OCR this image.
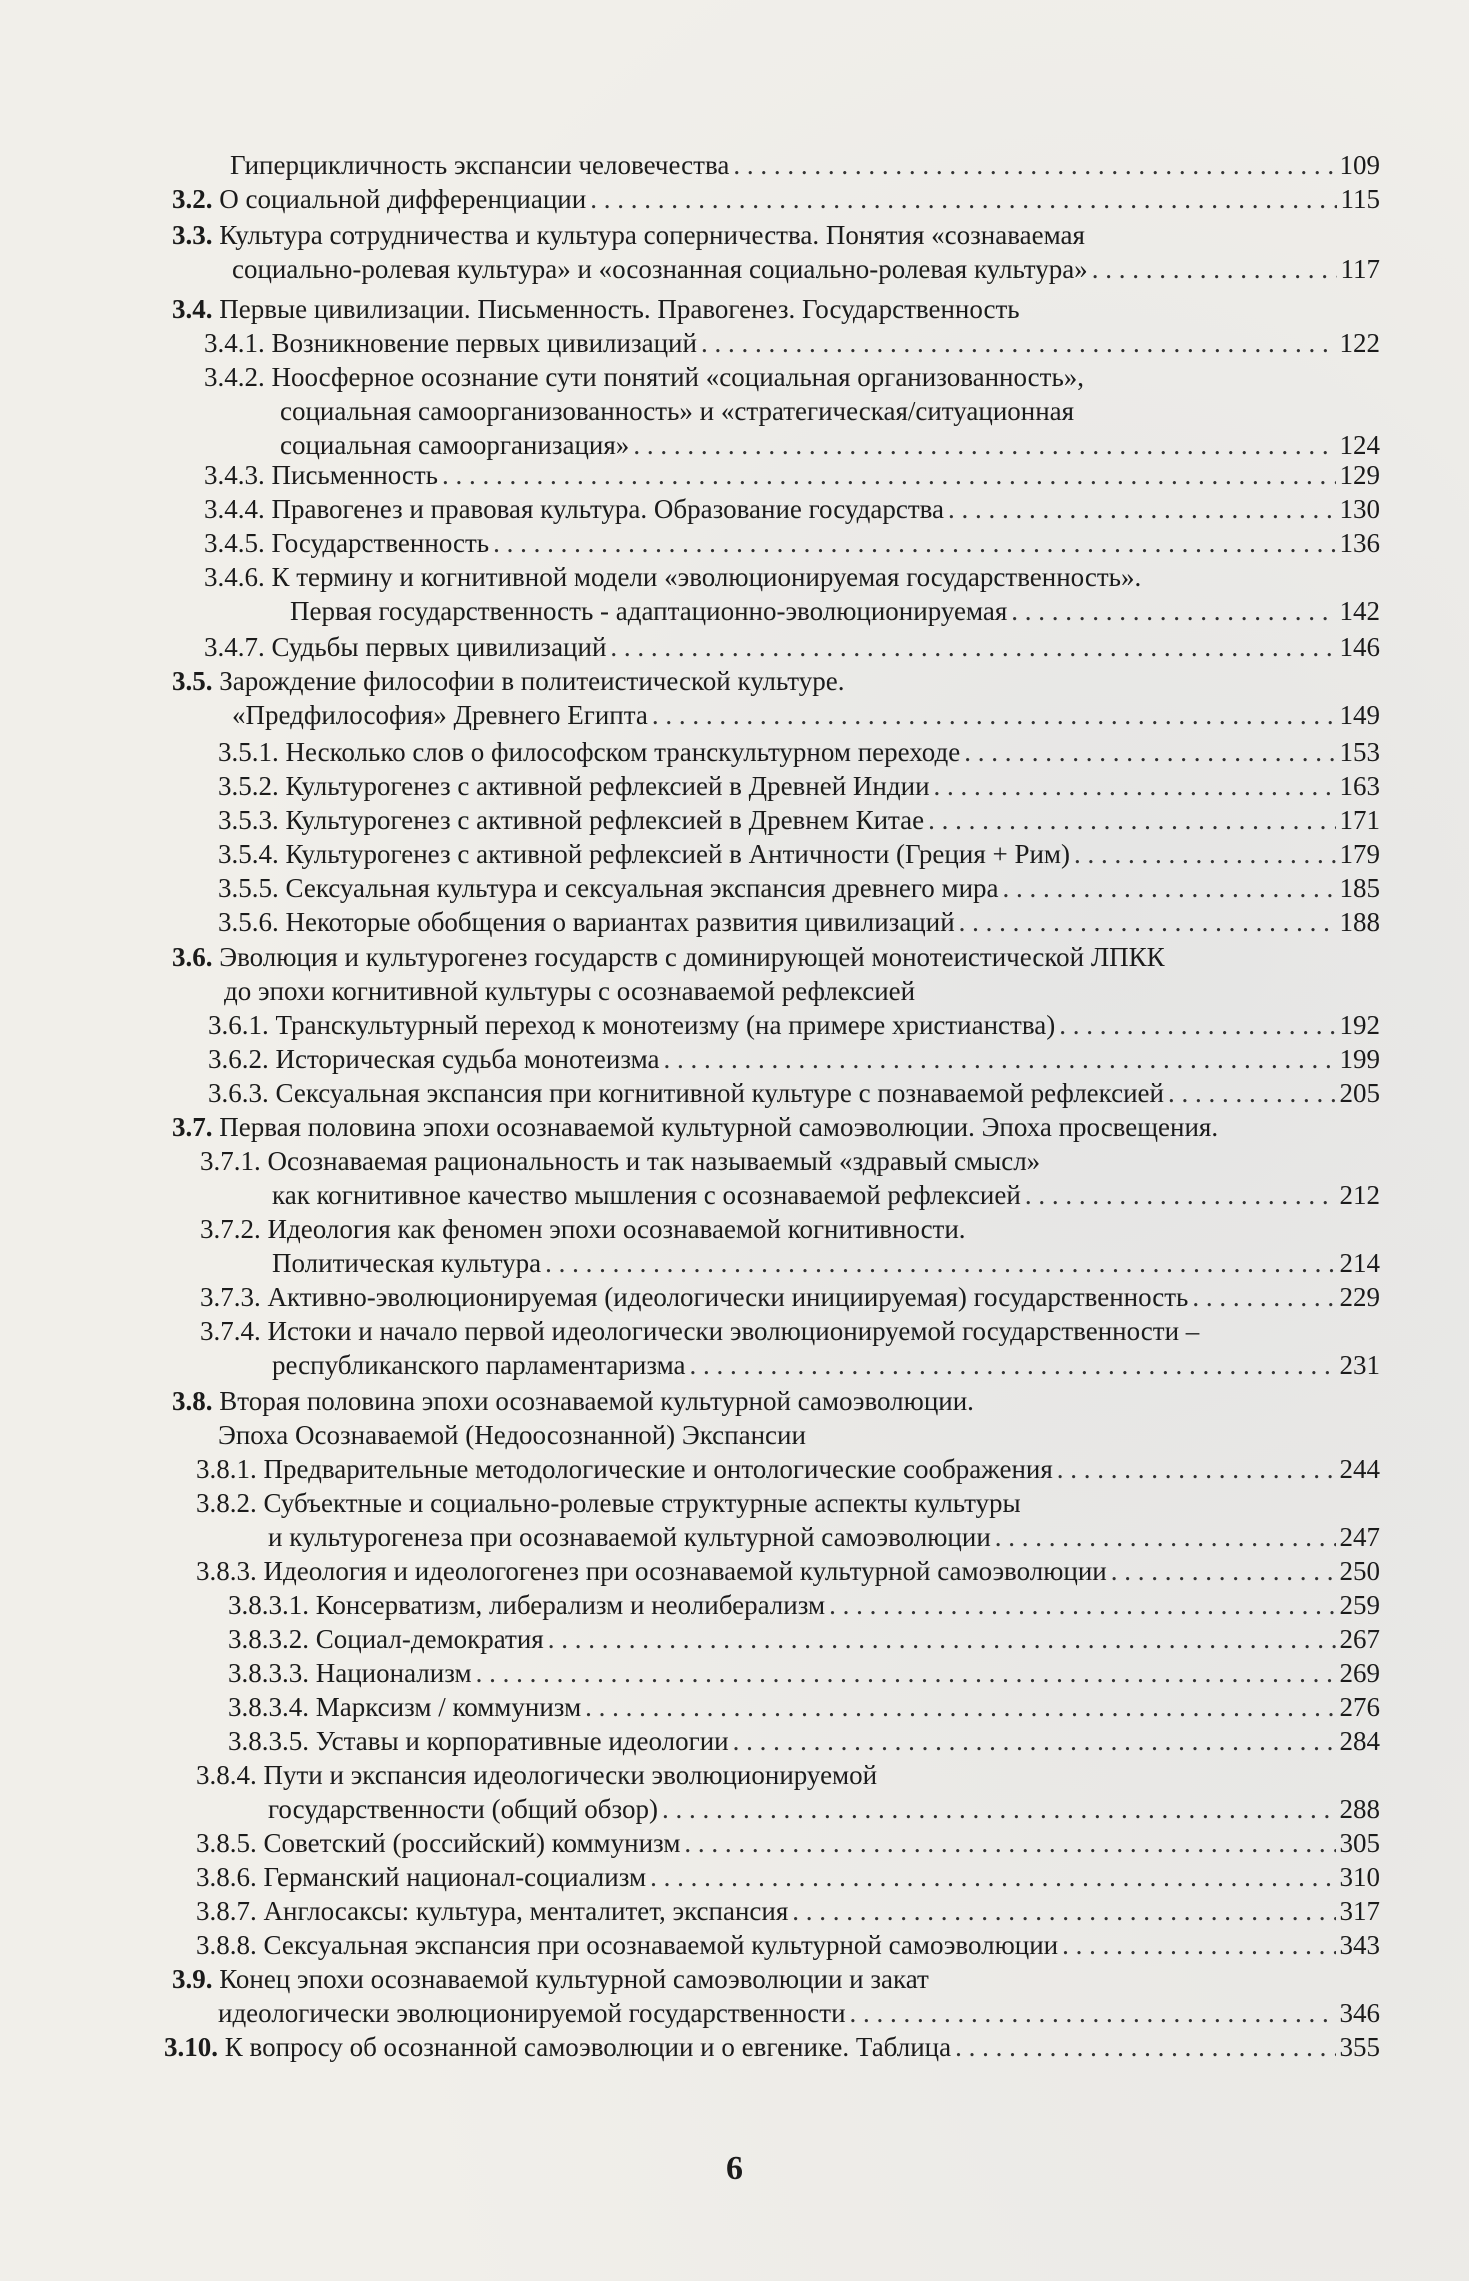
Гиперцикличность экспансии человечества . . .	109
3.2. О социальной дифференциации . . .	115
3.3. Культура сотрудничества и культура соперничества. Понятия «сознаваемая
социально-ролевая культура» и «осознанная социально-ролевая культура» . . .	117
3.4. Первые цивилизации. Письменность. Правогенез. Государственность
3.4.1. Возникновение первых цивилизаций . . .	122
3.4.2. Ноосферное осознание сути понятий «социальная организованность»,
социальная самоорганизованность» и «стратегическая/ситуационная
социальная самоорганизация» . . .	124
3.4.3. Письменность . . .	129
3.4.4. Правогенез и правовая культура. Образование государства . . .	130
3.4.5. Государственность . . .	136
3.4.6. К термину и когнитивной модели «эволюционируемая государственность».
Первая государственность - адаптационно-эволюционируемая . . .	142
3.4.7. Судьбы первых цивилизаций . . .	146
3.5. Зарождение философии в политеистической культуре.
«Предфилософия» Древнего Египта . . .	149
3.5.1. Несколько слов о философском транскультурном переходе . . .	153
3.5.2. Культурогенез с активной рефлексией в Древней Индии . . .	163
3.5.3. Культурогенез с активной рефлексией в Древнем Китае . . .	171
3.5.4. Культурогенез с активной рефлексией в Античности (Греция + Рим) . . .	179
3.5.5. Сексуальная культура и сексуальная экспансия древнего мира . . .	185
3.5.6. Некоторые обобщения о вариантах развития цивилизаций . . .	188
3.6. Эволюция и культурогенез государств с доминирующей монотеистической ЛПКК
до эпохи когнитивной культуры с осознаваемой рефлексией
3.6.1. Транскультурный переход к монотеизму (на примере христианства) . . .	192
3.6.2. Историческая судьба монотеизма . . .	199
3.6.3. Сексуальная экспансия при когнитивной культуре с познаваемой рефлексией . . .	205
3.7. Первая половина эпохи осознаваемой культурной самоэволюции. Эпоха просвещения.
3.7.1. Осознаваемая рациональность и так называемый «здравый смысл»
как когнитивное качество мышления с осознаваемой рефлексией . . .	212
3.7.2. Идеология как феномен эпохи осознаваемой когнитивности.
Политическая культура . . .	214
3.7.3. Активно-эволюционируемая (идеологически инициируемая) государственность . . .	229
3.7.4. Истоки и начало первой идеологически эволюционируемой государственности –
республиканского парламентаризма . . .	231
3.8. Вторая половина эпохи осознаваемой культурной самоэволюции.
Эпоха Осознаваемой (Недоосознанной) Экспансии
3.8.1. Предварительные методологические и онтологические соображения . . .	244
3.8.2. Субъектные и социально-ролевые структурные аспекты культуры
и культурогенеза при осознаваемой культурной самоэволюции . . .	247
3.8.3. Идеология и идеологогенез при осознаваемой культурной самоэволюции . . .	250
3.8.3.1. Консерватизм, либерализм и неолиберализм . . .	259
3.8.3.2. Социал-демократия . . .	267
3.8.3.3. Национализм . . .	269
3.8.3.4. Марксизм / коммунизм . . .	276
3.8.3.5. Уставы и корпоративные идеологии . . .	284
3.8.4. Пути и экспансия идеологически эволюционируемой
государственности (общий обзор) . . .	288
3.8.5. Советский (российский) коммунизм . . .	305
3.8.6. Германский национал-социализм . . .	310
3.8.7. Англосаксы: культура, менталитет, экспансия . . .	317
3.8.8. Сексуальная экспансия при осознаваемой культурной самоэволюции . . .	343
3.9. Конец эпохи осознаваемой культурной самоэволюции и закат
идеологически эволюционируемой государственности . . .	346
3.10. К вопросу об осознанной самоэволюции и о евгенике. Таблица . . .	355
6
